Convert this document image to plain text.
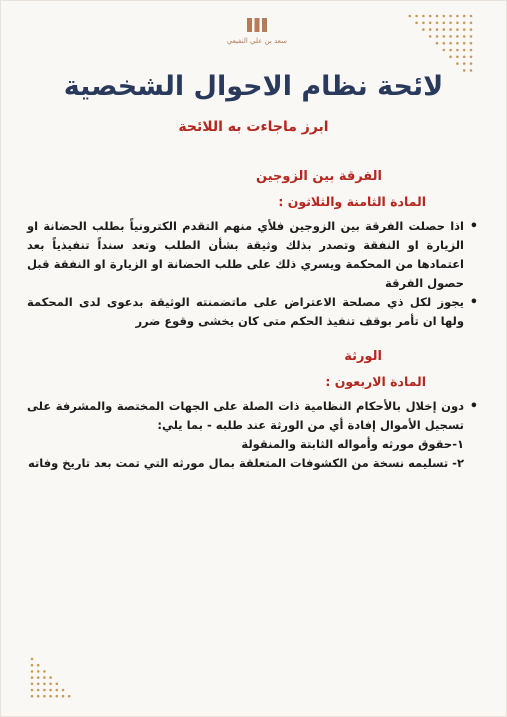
سعد بن علي النفيعي
لائحة نظام الاحوال الشخصية
ابرز ماجاءت به اللائحة
الفرقة بين الزوجين
المادة الثامنة والثلاثون :
•
اذا حصلت الفرقة بين الزوجين فلأي منهم التقدم الكترونياً بطلب الحضانة او الزيارة او النفقة وتصدر بذلك وثيقة بشأن الطلب وتعد سنداً تنفيذياً بعد اعتمادها من المحكمة ويسري ذلك على طلب الحضانة او الزيارة او النفقة قبل حصول الفرقة
•
يجوز لكل ذي مصلحة الاعتراض على ماتضمنته الوثيقة بدعوى لدى المحكمة ولها ان تأمر بوقف تنفيذ الحكم متى كان يخشى وقوع ضرر
الورثة
المادة الاربعون :
•
دون إخلال بالأحكام النظامية ذات الصلة على الجهات المختصة والمشرفة على تسجيل الأموال إفادة أي من الورثة عند طلبه - بما يلي:
١-حقوق مورثه وأمواله الثابتة والمنقولة
٢- تسليمه نسخة من الكشوفات المتعلقة بمال مورثه التي تمت بعد تاريخ وفاته
